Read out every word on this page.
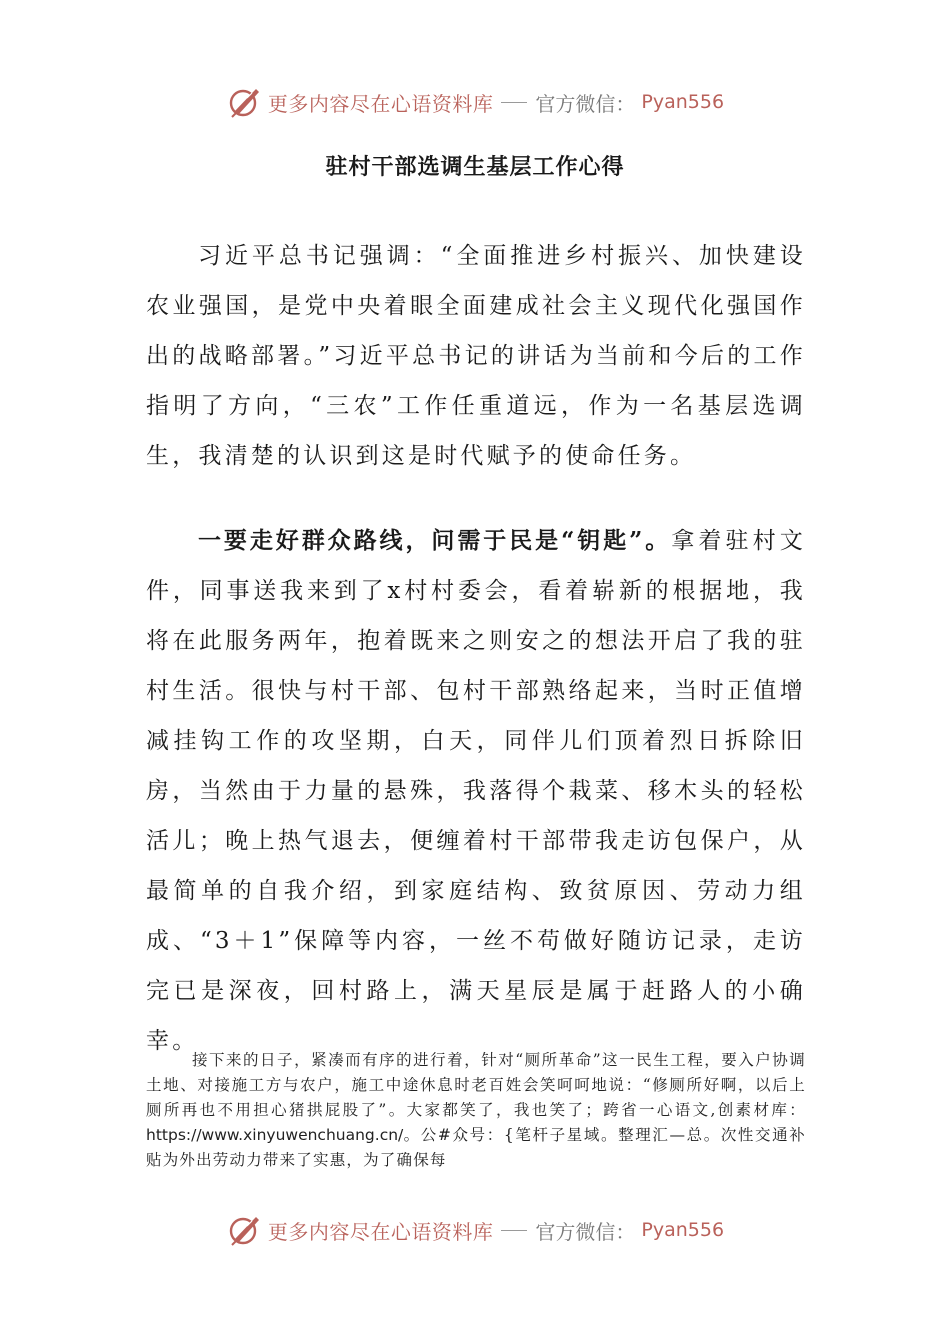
更多内容尽在心语资料库 官方微信： Pyan556
驻村干部选调生基层工作心得

习近平总书记强调：“全面推进乡村振兴、加快建设农业强国，是党中央着眼全面建成社会主义现代化强国作出的战略部署。”习近平总书记的讲话为当前和今后的工作指明了方向，“三农”工作任重道远，作为一名基层选调生，我清楚的认识到这是时代赋予的使命任务。

一要走好群众路线，问需于民是“钥匙”。拿着驻村文件，同事送我来到了x村村委会，看着崭新的根据地，我将在此服务两年，抱着既来之则安之的想法开启了我的驻村生活。很快与村干部、包村干部熟络起来，当时正值增减挂钩工作的攻坚期，白天，同伴儿们顶着烈日拆除旧房，当然由于力量的悬殊，我落得个栽菜、移木头的轻松活儿；晚上热气退去，便缠着村干部带我走访包保户，从最简单的自我介绍，到家庭结构、致贫原因、劳动力组成、“3＋1”保障等内容，一丝不苟做好随访记录，走访完已是深夜，回村路上，满天星辰是属于赶路人的小确幸。

接下来的日子，紧凑而有序的进行着，针对“厕所革命”这一民生工程，要入户协调土地、对接施工方与农户，施工中途休息时老百姓会笑呵呵地说：“修厕所好啊，以后上厕所再也不用担心猪拱屁股了”。大家都笑了，我也笑了；跨省一心语文,创素材库：https://www.xinyuwenchuang.cn/。公#众号：{笔杆子星域。整理汇—总。次性交通补贴为外出劳动力带来了实惠，为了确保每

更多内容尽在心语资料库 官方微信： Pyan556
